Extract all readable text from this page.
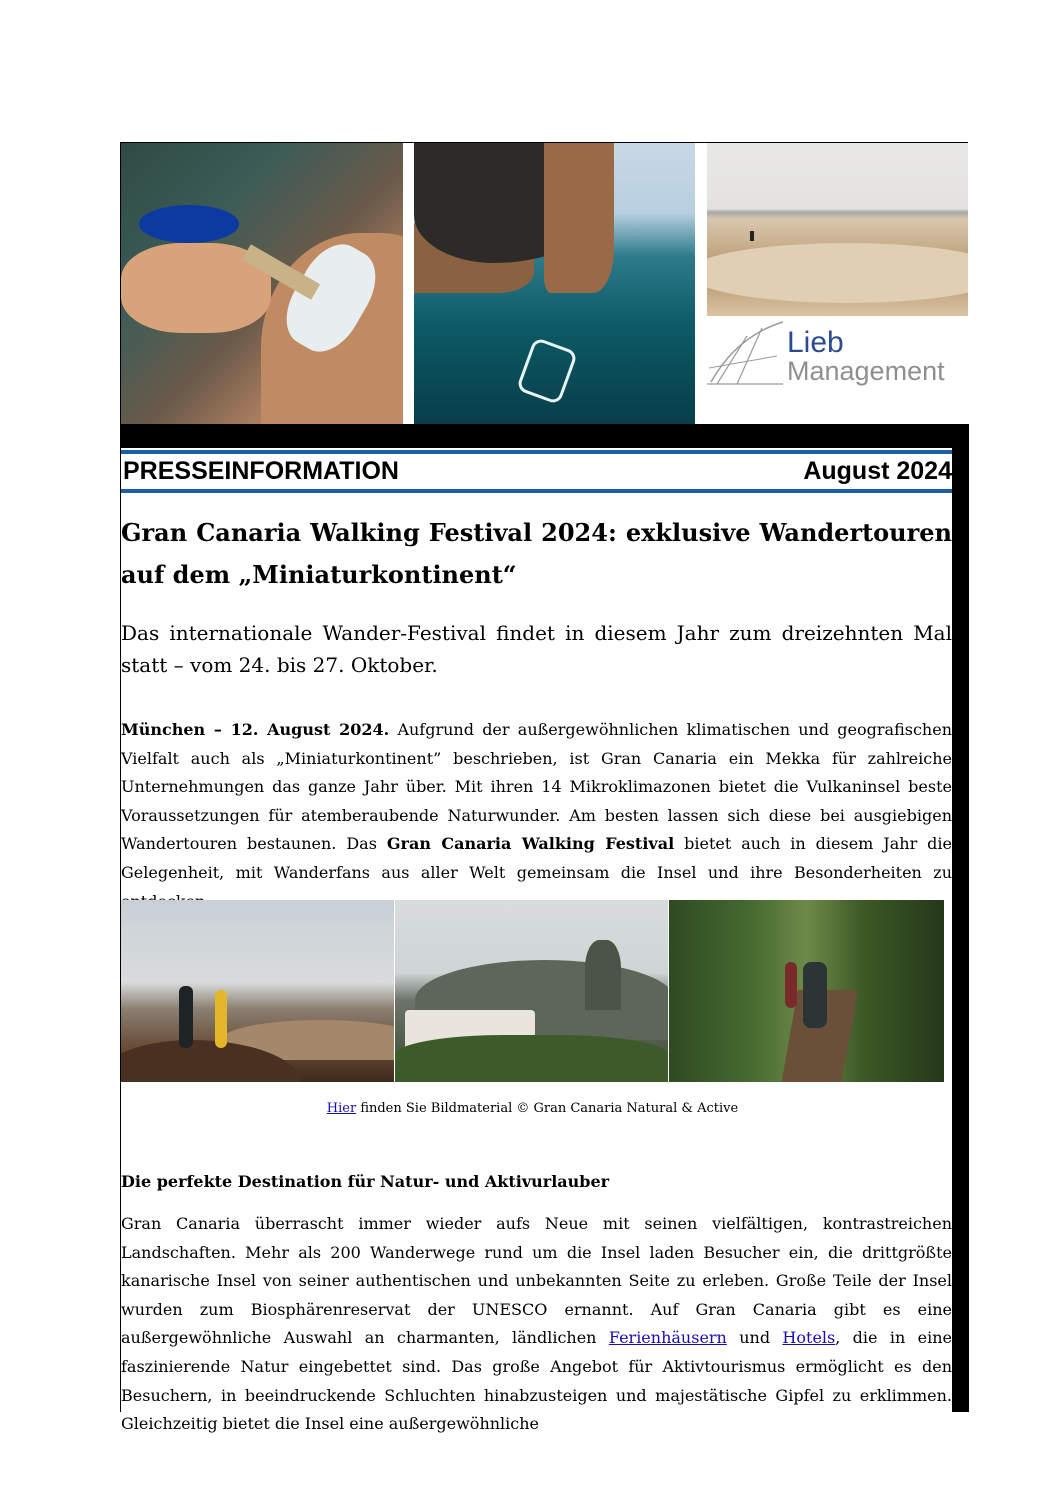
Lieb
Management
PRESSEINFORMATION	August 2024
Gran Canaria Walking Festival 2024: exklusive Wandertouren auf dem „Miniaturkontinent“
Das internationale Wander-Festival findet in diesem Jahr zum dreizehnten Mal statt – vom 24. bis 27. Oktober.
München – 12. August 2024. Aufgrund der außergewöhnlichen klimatischen und geografischen Vielfalt auch als „Miniaturkontinent” beschrieben, ist Gran Canaria ein Mekka für zahlreiche Unternehmungen das ganze Jahr über. Mit ihren 14 Mikroklimazonen bietet die Vulkaninsel beste Voraussetzungen für atemberaubende Naturwunder. Am besten lassen sich diese bei ausgiebigen Wandertouren bestaunen. Das Gran Canaria Walking Festival bietet auch in diesem Jahr die Gelegenheit, mit Wanderfans aus aller Welt gemeinsam die Insel und ihre Besonderheiten zu
Hier finden Sie Bildmaterial © Gran Canaria Natural & Active
Die perfekte Destination für Natur- und Aktivurlauber
Gran Canaria überrascht immer wieder aufs Neue mit seinen vielfältigen, kontrastreichen Landschaften. Mehr als 200 Wanderwege rund um die Insel laden Besucher ein, die drittgrößte kanarische Insel von seiner authentischen und unbekannten Seite zu erleben. Große Teile der Insel wurden zum Biosphärenreservat der UNESCO ernannt. Auf Gran Canaria gibt es eine außergewöhnliche Auswahl an charmanten, ländlichen Ferienhäusern und Hotels, die in eine faszinierende Natur eingebettet sind. Das große Angebot für Aktivtourismus ermöglicht es den Besuchern, in beeindruckende Schluchten hinabzusteigen und majestätische Gipfel zu erklimmen. Gleichzeitig bietet die Insel eine außergewöhnliche
